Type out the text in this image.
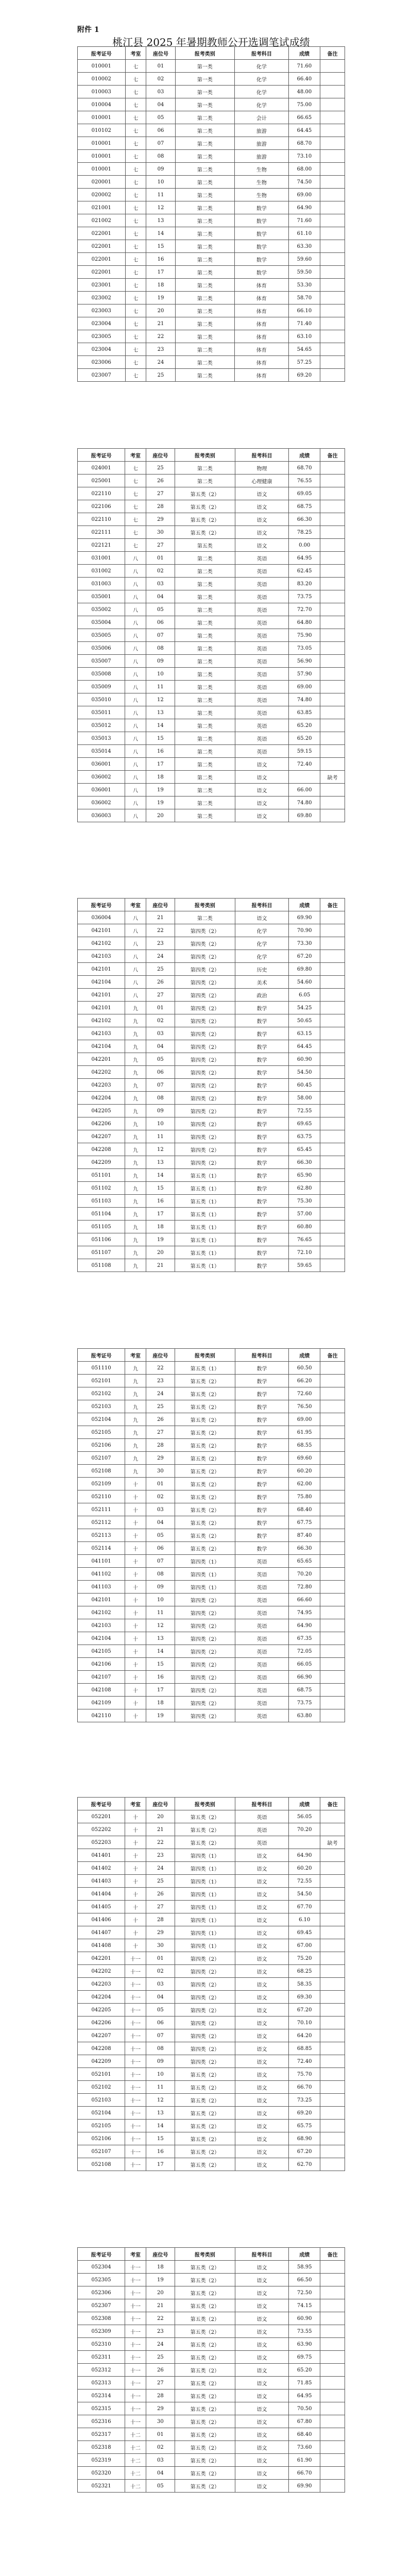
附件 1
桃江县 2025 年暑期教师公开选调笔试成绩
报考证号	考室	座位号	报考类别	报考科目	成绩	备注
010001	七	01	第一类	化学	71.60	
010002	七	02	第一类	化学	66.40	
010003	七	03	第一类	化学	48.00	
010004	七	04	第一类	化学	75.00	
010001	七	05	第二类	会计	66.65	
010102	七	06	第二类	旅游	64.45	
010001	七	07	第二类	旅游	68.70	
010001	七	08	第二类	旅游	73.10	
010001	七	09	第二类	生物	68.00	
020001	七	10	第二类	生物	74.50	
020002	七	11	第二类	生物	69.00	
021001	七	12	第二类	数学	64.90	
021002	七	13	第二类	数学	71.60	
022001	七	14	第二类	数学	61.10	
022001	七	15	第二类	数学	63.30	
022001	七	16	第二类	数学	59.60	
022001	七	17	第二类	数学	59.50	
023001	七	18	第二类	体育	53.30	
023002	七	19	第二类	体育	58.70	
023003	七	20	第二类	体育	66.10	
023004	七	21	第二类	体育	71.40	
023005	七	22	第二类	体育	63.10	
023004	七	23	第二类	体育	54.65	
023006	七	24	第二类	体育	57.25	
023007	七	25	第二类	体育	69.20	
报考证号	考室	座位号	报考类别	报考科目	成绩	备注
024001	七	25	第二类	物理	68.70	
025001	七	26	第二类	心理健康	76.55	
022110	七	27	第五类（2）	语文	69.05	
022106	七	28	第五类（2）	语文	68.75	
022110	七	29	第五类（2）	语文	66.30	
022111	七	30	第五类（2）	语文	78.25	
022121	七	27	第五类	语文	0.00	
031001	八	01	第二类	英语	64.95	
031002	八	02	第二类	英语	62.45	
031003	八	03	第二类	英语	83.20	
035001	八	04	第二类	英语	73.75	
035002	八	05	第二类	英语	72.70	
035004	八	06	第二类	英语	64.80	
035005	八	07	第二类	英语	75.90	
035006	八	08	第二类	英语	73.05	
035007	八	09	第二类	英语	56.90	
035008	八	10	第二类	英语	57.90	
035009	八	11	第二类	英语	69.00	
035010	八	12	第二类	英语	74.80	
035011	八	13	第二类	英语	63.85	
035012	八	14	第二类	英语	65.20	
035013	八	15	第二类	英语	65.20	
035014	八	16	第二类	英语	59.15	
036001	八	17	第二类	语文	72.40	
036002	八	18	第二类	语文		缺考
036001	八	19	第二类	语文	66.00	
036002	八	19	第二类	语文	74.80	
036003	八	20	第二类	语文	69.80	
报考证号	考室	座位号	报考类别	报考科目	成绩	备注
036004	八	21	第二类	语文	69.90	
042101	八	22	第四类（2）	化学	70.90	
042102	八	23	第四类（2）	化学	73.30	
042103	八	24	第四类（2）	化学	67.20	
042101	八	25	第四类（2）	历史	69.80	
042104	八	26	第四类（2）	美术	54.60	
042101	八	27	第四类（2）	政治	6.05	
042101	九	01	第四类（2）	数学	54.25	
042102	九	02	第四类（2）	数学	50.65	
042103	九	03	第四类（2）	数学	63.15	
042104	九	04	第四类（2）	数学	64.45	
042201	九	05	第四类（2）	数学	60.90	
042202	九	06	第四类（2）	数学	54.50	
042203	九	07	第四类（2）	数学	60.45	
042204	九	08	第四类（2）	数学	58.00	
042205	九	09	第四类（2）	数学	72.55	
042206	九	10	第四类（2）	数学	69.65	
042207	九	11	第四类（2）	数学	63.75	
042208	九	12	第四类（2）	数学	65.45	
042209	九	13	第四类（2）	数学	66.30	
051101	九	14	第五类（1）	数学	65.90	
051102	九	15	第五类（1）	数学	62.80	
051103	九	16	第五类（1）	数学	75.30	
051104	九	17	第五类（1）	数学	57.00	
051105	九	18	第五类（1）	数学	60.80	
051106	九	19	第五类（1）	数学	76.65	
051107	九	20	第五类（1）	数学	72.10	
051108	九	21	第五类（1）	数学	59.65	
报考证号	考室	座位号	报考类别	报考科目	成绩	备注
051110	九	22	第五类（1）	数学	60.50	
052101	九	23	第五类（2）	数学	66.20	
052102	九	24	第五类（2）	数学	72.60	
052103	九	25	第五类（2）	数学	76.50	
052104	九	26	第五类（2）	数学	69.00	
052105	九	27	第五类（2）	数学	61.95	
052106	九	28	第五类（2）	数学	68.55	
052107	九	29	第五类（2）	数学	69.60	
052108	九	30	第五类（2）	数学	60.20	
052109	十	01	第五类（2）	数学	62.00	
052110	十	02	第五类（2）	数学	75.80	
052111	十	03	第五类（2）	数学	68.40	
052112	十	04	第五类（2）	数学	67.75	
052113	十	05	第五类（2）	数学	87.40	
052114	十	06	第五类（2）	数学	66.30	
041101	十	07	第四类（1）	英语	65.65	
041102	十	08	第四类（1）	英语	70.20	
041103	十	09	第四类（1）	英语	72.80	
042101	十	10	第四类（2）	英语	66.60	
042102	十	11	第四类（2）	英语	74.95	
042103	十	12	第四类（2）	英语	64.90	
042104	十	13	第四类（2）	英语	67.35	
042105	十	14	第四类（2）	英语	72.05	
042106	十	15	第四类（2）	英语	66.05	
042107	十	16	第四类（2）	英语	66.90	
042108	十	17	第四类（2）	英语	68.75	
042109	十	18	第四类（2）	英语	73.75	
042110	十	19	第四类（2）	英语	63.80	
报考证号	考室	座位号	报考类别	报考科目	成绩	备注
052201	十	20	第五类（2）	英语	56.05	
052202	十	21	第五类（2）	英语	70.20	
052203	十	22	第五类（2）	英语		缺考
041401	十	23	第四类（1）	语文	64.90	
041402	十	24	第四类（1）	语文	60.20	
041403	十	25	第四类（1）	语文	72.55	
041404	十	26	第四类（1）	语文	54.50	
041405	十	27	第四类（1）	语文	67.70	
041406	十	28	第四类（1）	语文	6.10	
041407	十	29	第四类（1）	语文	69.45	
041408	十	30	第四类（1）	语文	67.00	
042201	十一	01	第四类（2）	语文	75.20	
042202	十一	02	第四类（2）	语文	68.25	
042203	十一	03	第四类（2）	语文	58.35	
042204	十一	04	第四类（2）	语文	69.30	
042205	十一	05	第四类（2）	语文	67.20	
042206	十一	06	第四类（2）	语文	70.10	
042207	十一	07	第四类（2）	语文	64.20	
042208	十一	08	第四类（2）	语文	68.85	
042209	十一	09	第四类（2）	语文	72.40	
052101	十一	10	第五类（2）	语文	75.70	
052102	十一	11	第五类（2）	语文	66.70	
052103	十一	12	第五类（2）	语文	73.25	
052104	十一	13	第五类（2）	语文	69.20	
052105	十一	14	第五类（2）	语文	65.75	
052106	十一	15	第五类（2）	语文	68.90	
052107	十一	16	第五类（2）	语文	67.20	
052108	十一	17	第五类（2）	语文	62.70	
报考证号	考室	座位号	报考类别	报考科目	成绩	备注
052304	十一	18	第五类（2）	语文	58.95	
052305	十一	19	第五类（2）	语文	66.50	
052306	十一	20	第五类（2）	语文	72.50	
052307	十一	21	第五类（2）	语文	74.15	
052308	十一	22	第五类（2）	语文	60.90	
052309	十一	23	第五类（2）	语文	73.55	
052310	十一	24	第五类（2）	语文	63.90	
052311	十一	25	第五类（2）	语文	69.75	
052312	十一	26	第五类（2）	语文	65.20	
052313	十一	27	第五类（2）	语文	71.85	
052314	十一	28	第五类（2）	语文	64.95	
052315	十一	29	第五类（2）	语文	70.50	
052316	十一	30	第五类（2）	语文	67.80	
052317	十二	01	第五类（2）	语文	68.40	
052318	十二	02	第五类（2）	语文	73.60	
052319	十二	03	第五类（2）	语文	61.90	
052320	十二	04	第五类（2）	语文	66.70	
052321	十二	05	第五类（2）	语文	69.90	
